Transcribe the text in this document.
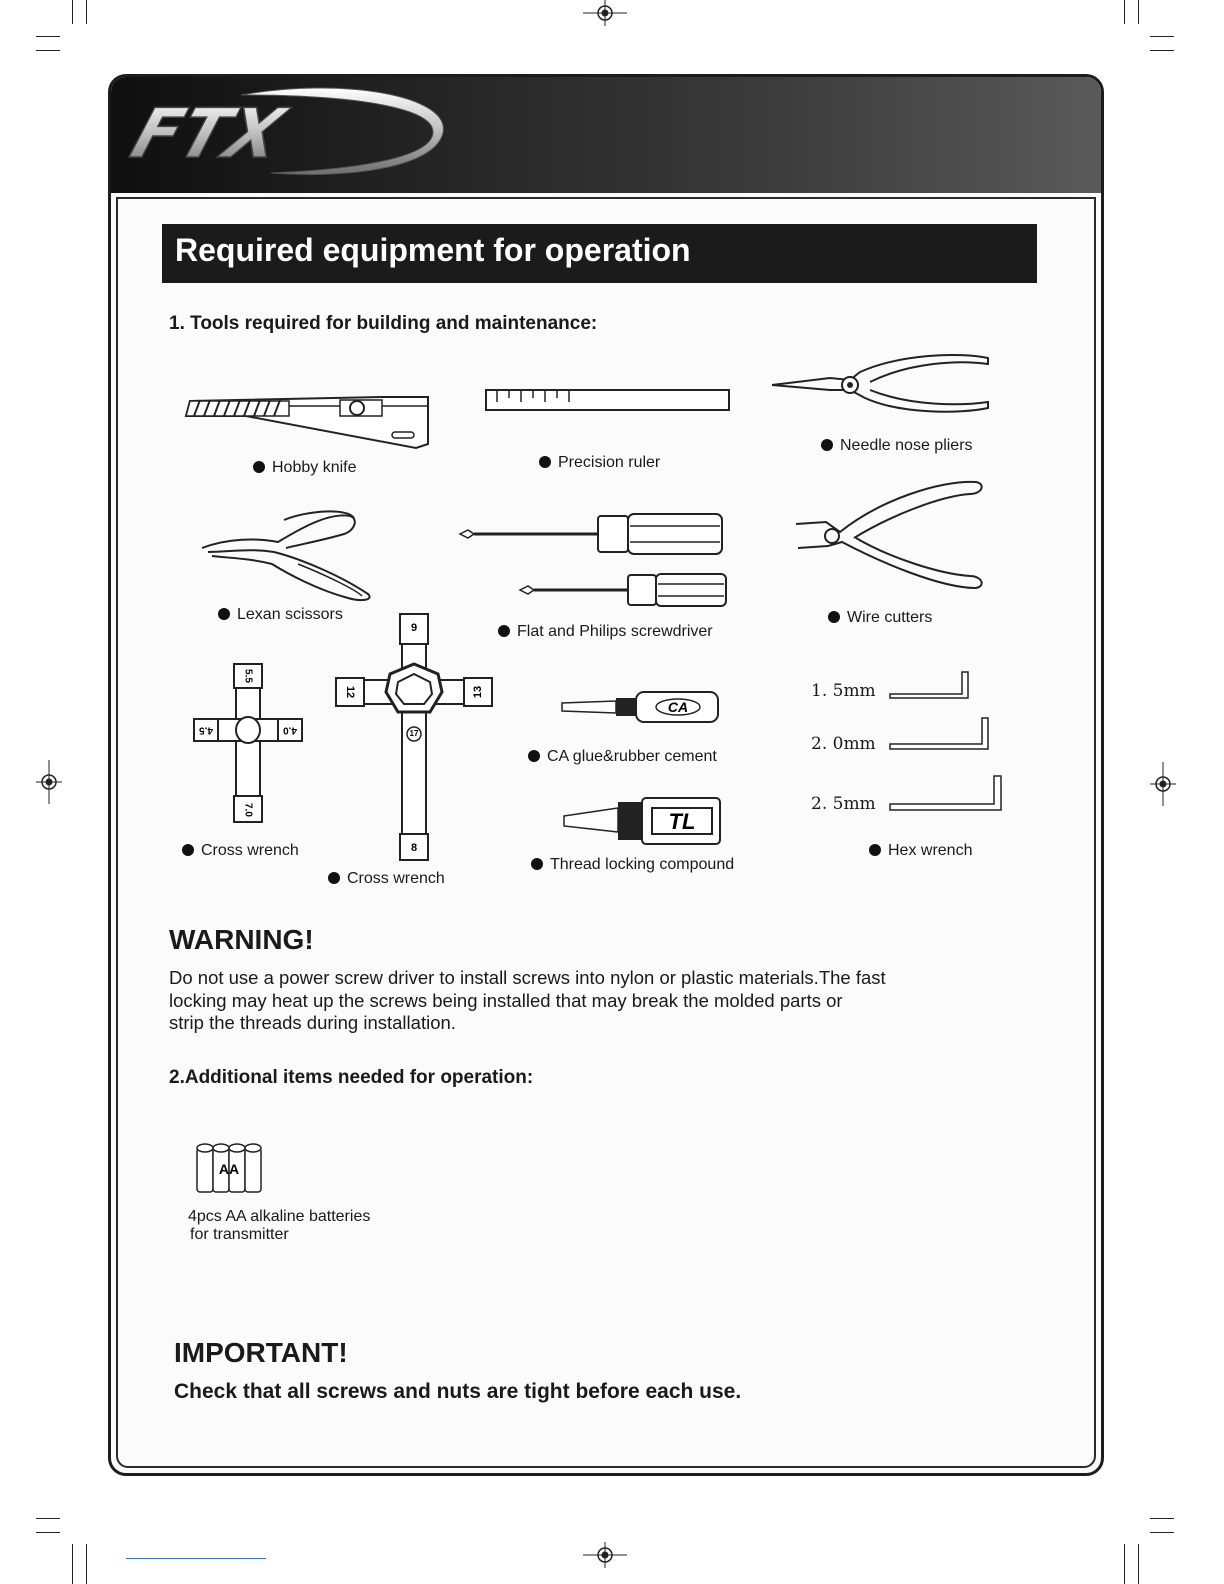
FTX
Required equipment for operation
1. Tools required for building and maintenance:
Hobby knife	Precision ruler
Needle nose pliers
Lexan scissors
Flat and Philips screwdriver
Wire cutters
5.5
4.5	4.0
7.0
Cross wrench
9
12	13
17
8
Cross wrench
CA
CA glue&rubber cement
TL
Thread locking compound
1. 5mm
2. 0mm
2. 5mm
Hex wrench
WARNING!
Do not use a power screw driver to install screws into nylon or plastic materials.The fast
locking may heat up the screws being installed that may break the molded parts or
strip the threads during installation.
2.Additional items needed for operation:
AA
4pcs AA alkaline batteries
for transmitter
IMPORTANT!
Check that all screws and nuts are tight before each use.
